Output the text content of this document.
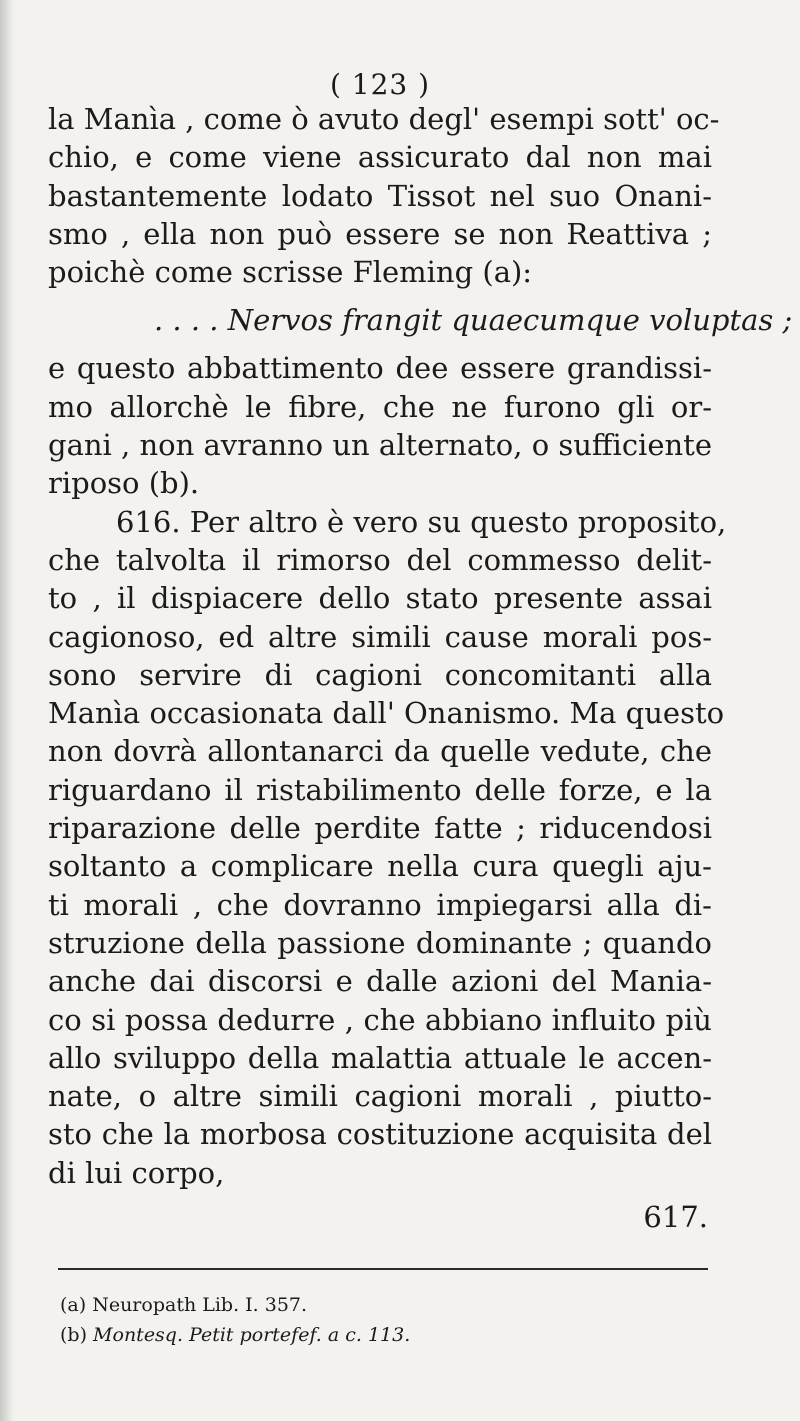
( 123 )
la Manìa , come ò avuto degl' esempi sott' oc-
chio, e come viene assicurato dal non mai
bastantemente lodato Tissot nel suo Onani-
smo , ella non può essere se non Reattiva ;
poichè come scrisse Fleming (a):
. . . . Nervos frangit quaecumque voluptas ;
e questo abbattimento dee essere grandissi-
mo allorchè le fibre, che ne furono gli or-
gani , non avranno un alternato, o sufficiente
riposo (b).
616. Per altro è vero su questo proposito,
che talvolta il rimorso del commesso delit-
to , il dispiacere dello stato presente assai
cagionoso, ed altre simili cause morali pos-
sono servire di cagioni concomitanti alla
Manìa occasionata dall' Onanismo. Ma questo
non dovrà allontanarci da quelle vedute, che
riguardano il ristabilimento delle forze, e la
riparazione delle perdite fatte ; riducendosi
soltanto a complicare nella cura quegli aju-
ti morali , che dovranno impiegarsi alla di-
struzione della passione dominante ; quando
anche dai discorsi e dalle azioni del Mania-
co si possa dedurre , che abbiano influito più
allo sviluppo della malattia attuale le accen-
nate, o altre simili cagioni morali , piutto-
sto che la morbosa costituzione acquisita del
di lui corpo,
617.
(a) Neuropath Lib. I. 357.
(b) Montesq. Petit portefef. a c. 113.
